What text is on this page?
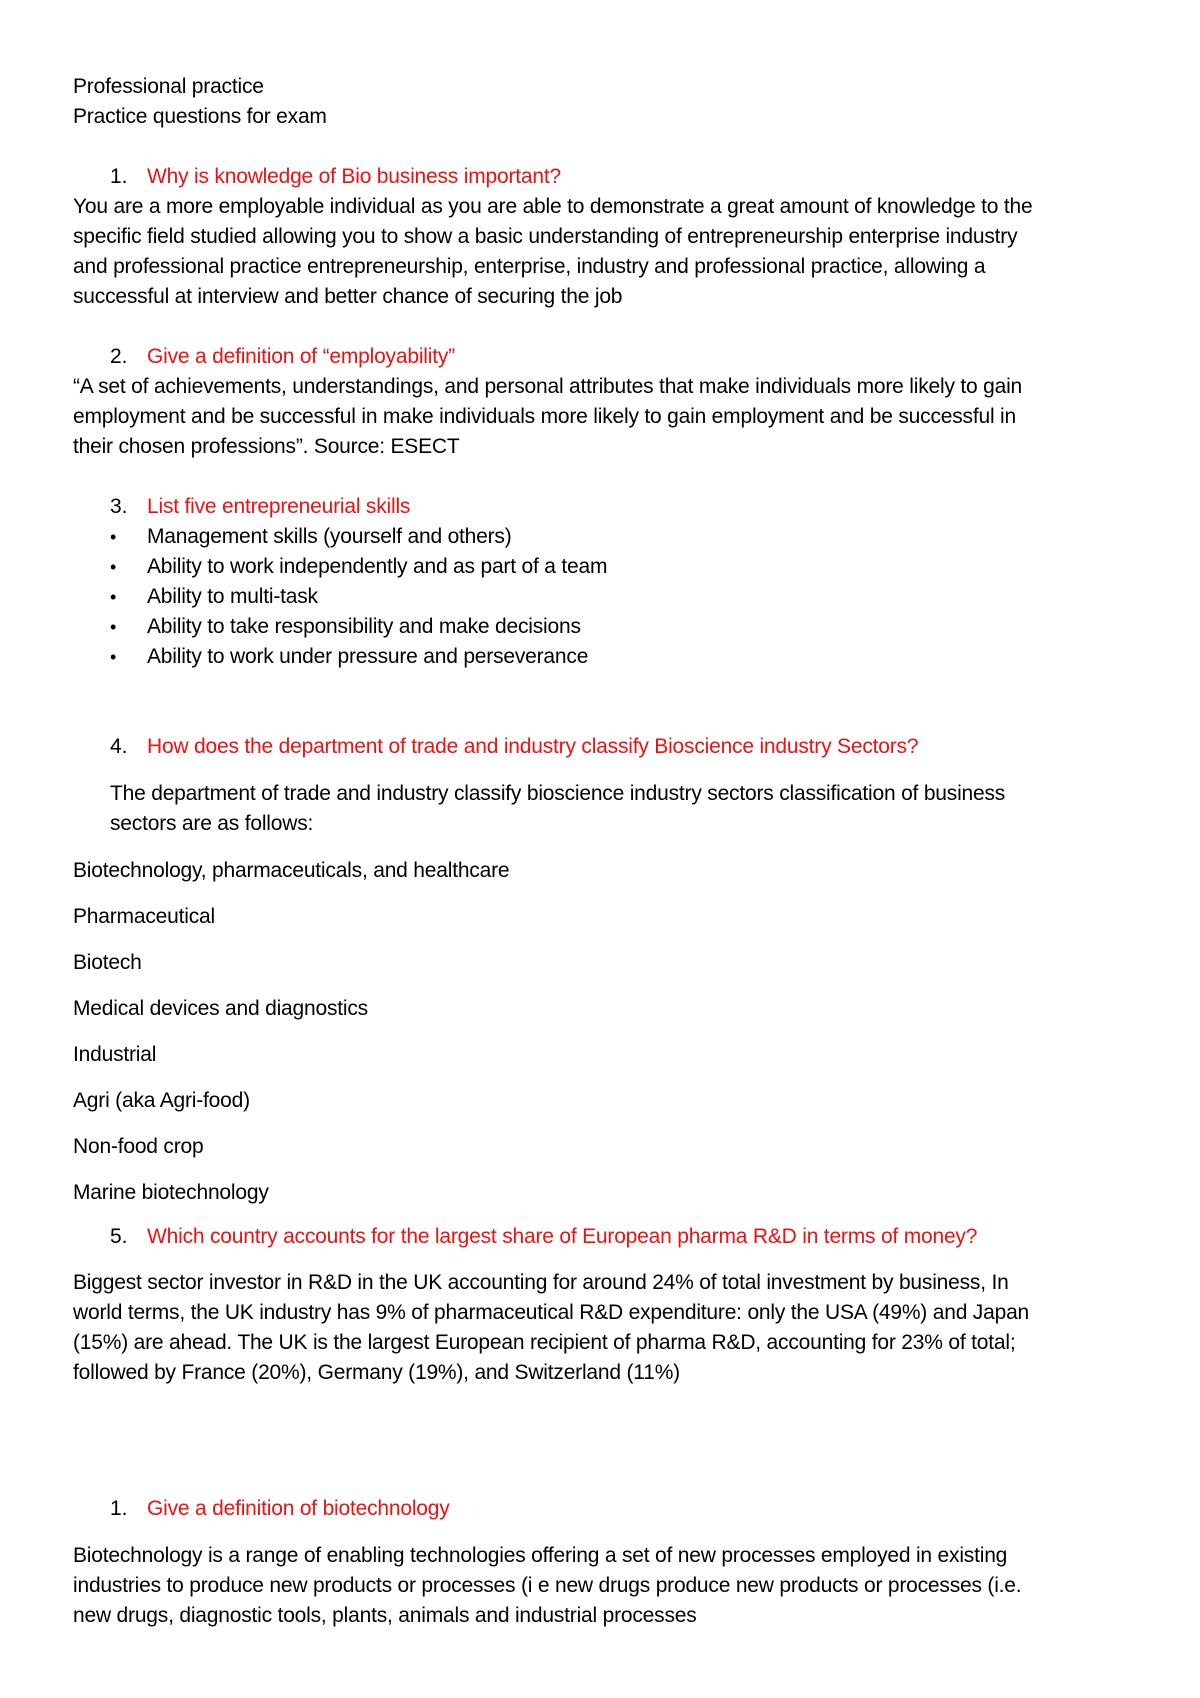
Professional practice

Practice questions for exam

1. Why is knowledge of Bio business important?

You are a more employable individual as you are able to demonstrate a great amount of knowledge to the

specific field studied allowing you to show a basic understanding of entrepreneurship enterprise industry

and professional practice entrepreneurship, enterprise, industry and professional practice, allowing a

successful at interview and better chance of securing the job

2. Give a definition of “employability”

“A set of achievements, understandings, and personal attributes that make individuals more likely to gain

employment and be successful in make individuals more likely to gain employment and be successful in

their chosen professions”. Source: ESECT

3. List five entrepreneurial skills
• Management skills (yourself and others)
• Ability to work independently and as part of a team
• Ability to multi-task
• Ability to take responsibility and make decisions
• Ability to work under pressure and perseverance
4. How does the department of trade and industry classify Bioscience industry Sectors?

The department of trade and industry classify bioscience industry sectors classification of business

sectors are as follows:

Biotechnology, pharmaceuticals, and healthcare

Pharmaceutical

Biotech

Medical devices and diagnostics

Industrial

Agri (aka Agri-food)

Non-food crop

Marine biotechnology

5. Which country accounts for the largest share of European pharma R&D in terms of money?

Biggest sector investor in R&D in the UK accounting for around 24% of total investment by business, In

world terms, the UK industry has 9% of pharmaceutical R&D expenditure: only the USA (49%) and Japan

(15%) are ahead. The UK is the largest European recipient of pharma R&D, accounting for 23% of total;

followed by France (20%), Germany (19%), and Switzerland (11%)

1. Give a definition of biotechnology

Biotechnology is a range of enabling technologies offering a set of new processes employed in existing

industries to produce new products or processes (i e new drugs produce new products or processes (i.e.

new drugs, diagnostic tools, plants, animals and industrial processes
